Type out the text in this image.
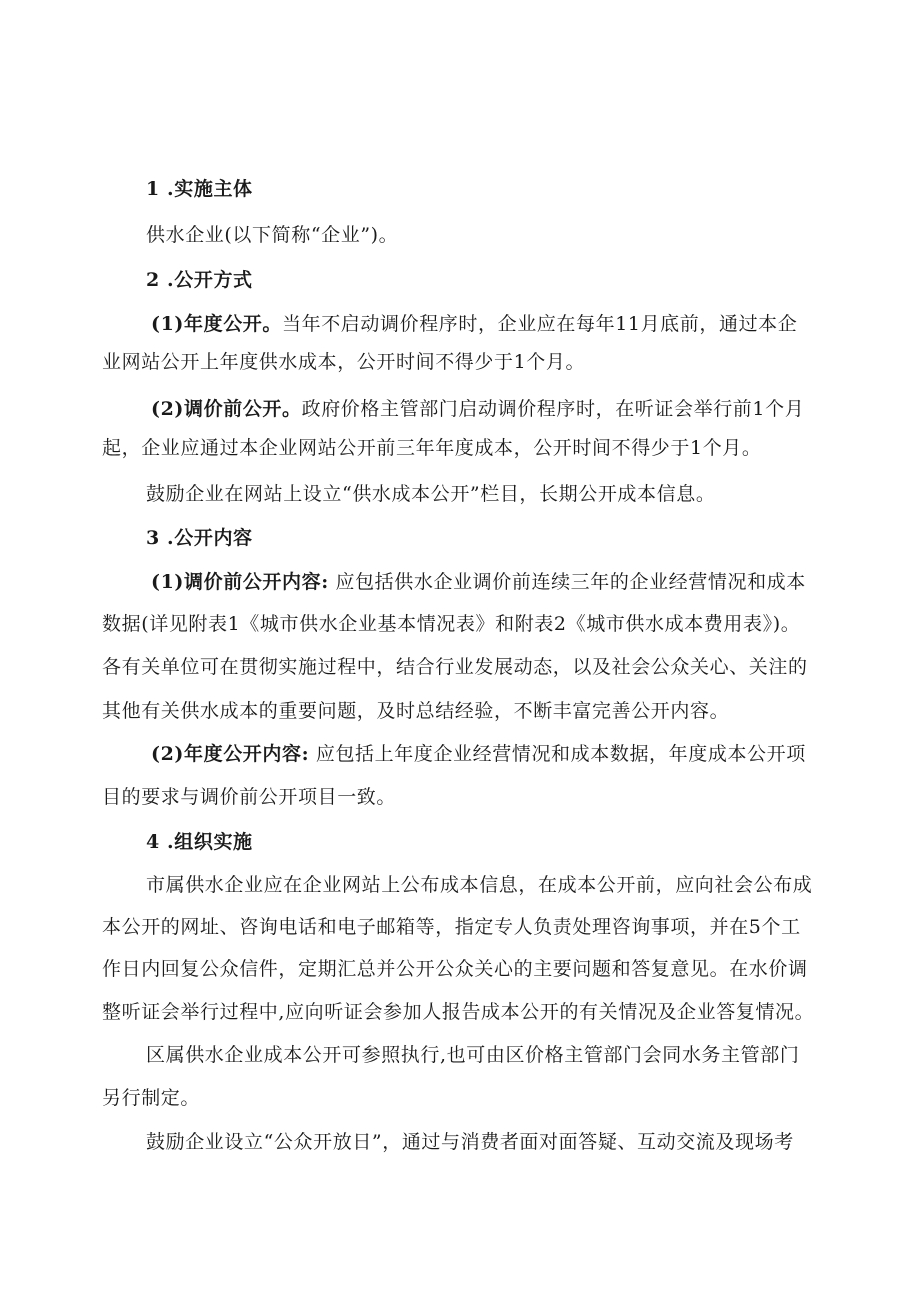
1 .实施主体
供水企业(以下简称“企业”)。
2 .公开方式
(1)年度公开。当年不启动调价程序时，企业应在每年11月底前，通过本企
业网站公开上年度供水成本，公开时间不得少于1个月。
(2)调价前公开。政府价格主管部门启动调价程序时，在听证会举行前1个月
起，企业应通过本企业网站公开前三年年度成本，公开时间不得少于1个月。
鼓励企业在网站上设立“供水成本公开”栏目，长期公开成本信息。
3 .公开内容
(1)调价前公开内容: 应包括供水企业调价前连续三年的企业经营情况和成本
数据(详见附表1《城市供水企业基本情况表》和附表2《城市供水成本费用表》)。
各有关单位可在贯彻实施过程中，结合行业发展动态，以及社会公众关心、关注的
其他有关供水成本的重要问题，及时总结经验，不断丰富完善公开内容。
(2)年度公开内容: 应包括上年度企业经营情况和成本数据，年度成本公开项
目的要求与调价前公开项目一致。
4 .组织实施
市属供水企业应在企业网站上公布成本信息，在成本公开前，应向社会公布成
本公开的网址、咨询电话和电子邮箱等，指定专人负责处理咨询事项，并在5个工
作日内回复公众信件，定期汇总并公开公众关心的主要问题和答复意见。在水价调
整听证会举行过程中,应向听证会参加人报告成本公开的有关情况及企业答复情况。
区属供水企业成本公开可参照执行,也可由区价格主管部门会同水务主管部门
另行制定。
鼓励企业设立“公众开放日”，通过与消费者面对面答疑、互动交流及现场考
